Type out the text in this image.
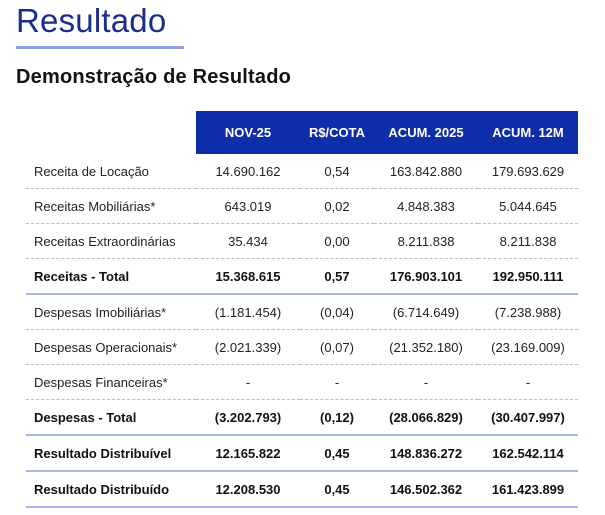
Resultado
Demonstração de Resultado
	NOV-25	R$/COTA	ACUM. 2025	ACUM. 12M
Receita de Locação	14.690.162	0,54	163.842.880	179.693.629
Receitas Mobiliárias*	643.019	0,02	4.848.383	5.044.645
Receitas Extraordinárias	35.434	0,00	8.211.838	8.211.838
Receitas - Total	15.368.615	0,57	176.903.101	192.950.111
Despesas Imobiliárias*	(1.181.454)	(0,04)	(6.714.649)	(7.238.988)
Despesas Operacionais*	(2.021.339)	(0,07)	(21.352.180)	(23.169.009)
Despesas Financeiras*	-	-	-	-
Despesas - Total	(3.202.793)	(0,12)	(28.066.829)	(30.407.997)
Resultado Distribuível	12.165.822	0,45	148.836.272	162.542.114
Resultado Distribuído	12.208.530	0,45	146.502.362	161.423.899
